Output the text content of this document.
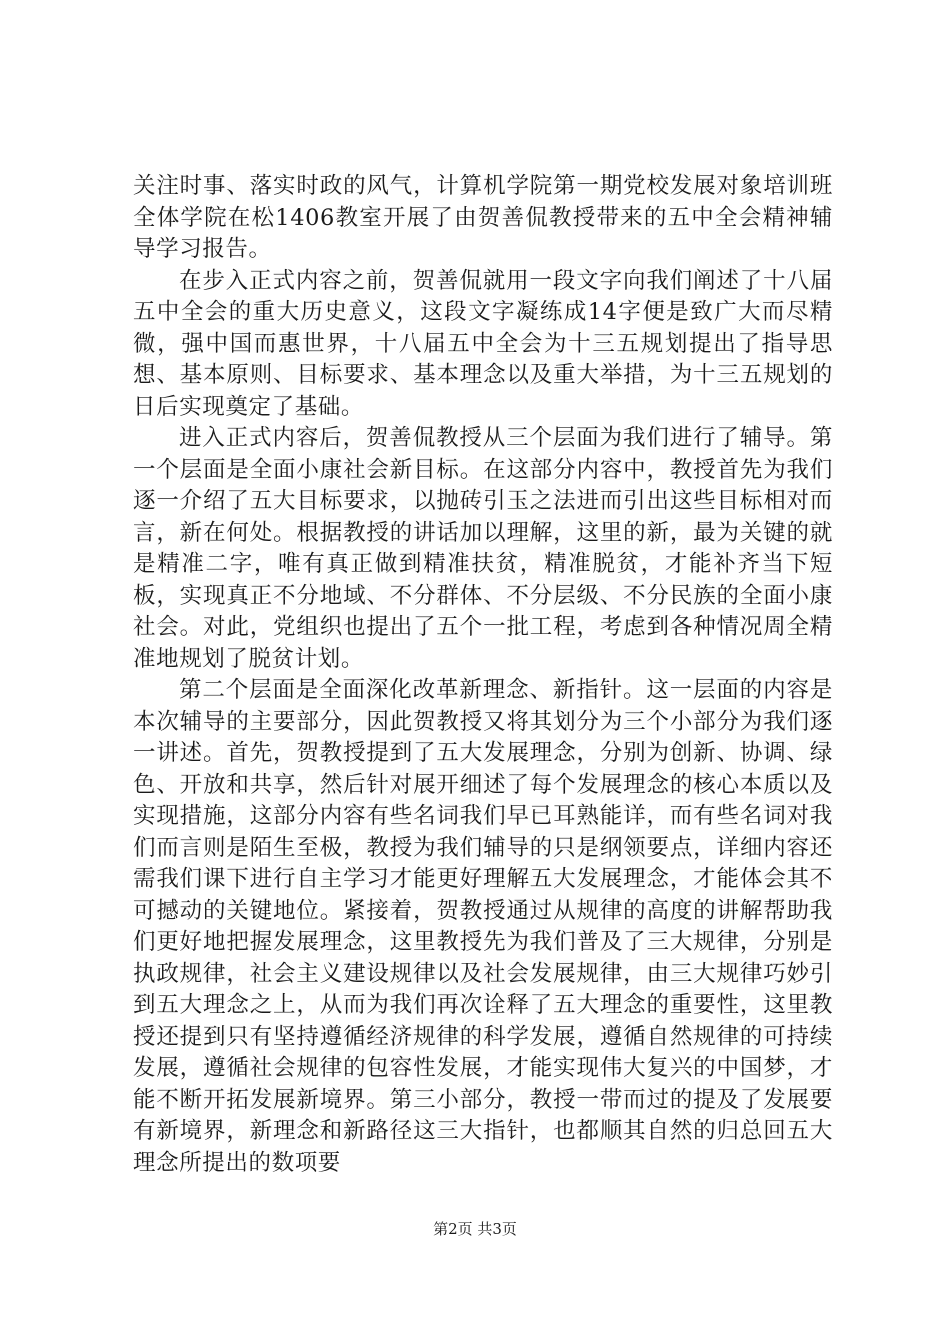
关注时事、落实时政的风气，计算机学院第一期党校发展对象培训班全体学院在松1406教室开展了由贺善侃教授带来的五中全会精神辅导学习报告。

在步入正式内容之前，贺善侃就用一段文字向我们阐述了十八届五中全会的重大历史意义，这段文字凝练成14字便是致广大而尽精微，强中国而惠世界，十八届五中全会为十三五规划提出了指导思想、基本原则、目标要求、基本理念以及重大举措，为十三五规划的日后实现奠定了基础。

进入正式内容后，贺善侃教授从三个层面为我们进行了辅导。第一个层面是全面小康社会新目标。在这部分内容中，教授首先为我们逐一介绍了五大目标要求，以抛砖引玉之法进而引出这些目标相对而言，新在何处。根据教授的讲话加以理解，这里的新，最为关键的就是精准二字，唯有真正做到精准扶贫，精准脱贫，才能补齐当下短板，实现真正不分地域、不分群体、不分层级、不分民族的全面小康社会。对此，党组织也提出了五个一批工程，考虑到各种情况周全精准地规划了脱贫计划。

第二个层面是全面深化改革新理念、新指针。这一层面的内容是本次辅导的主要部分，因此贺教授又将其划分为三个小部分为我们逐一讲述。首先，贺教授提到了五大发展理念，分别为创新、协调、绿色、开放和共享，然后针对展开细述了每个发展理念的核心本质以及实现措施，这部分内容有些名词我们早已耳熟能详，而有些名词对我们而言则是陌生至极，教授为我们辅导的只是纲领要点，详细内容还需我们课下进行自主学习才能更好理解五大发展理念，才能体会其不可撼动的关键地位。紧接着，贺教授通过从规律的高度的讲解帮助我们更好地把握发展理念，这里教授先为我们普及了三大规律，分别是执政规律，社会主义建设规律以及社会发展规律，由三大规律巧妙引到五大理念之上，从而为我们再次诠释了五大理念的重要性，这里教授还提到只有坚持遵循经济规律的科学发展，遵循自然规律的可持续发展，遵循社会规律的包容性发展，才能实现伟大复兴的中国梦，才能不断开拓发展新境界。第三小部分，教授一带而过的提及了发展要有新境界，新理念和新路径这三大指针，也都顺其自然的归总回五大理念所提出的数项要

第2页 共3页
